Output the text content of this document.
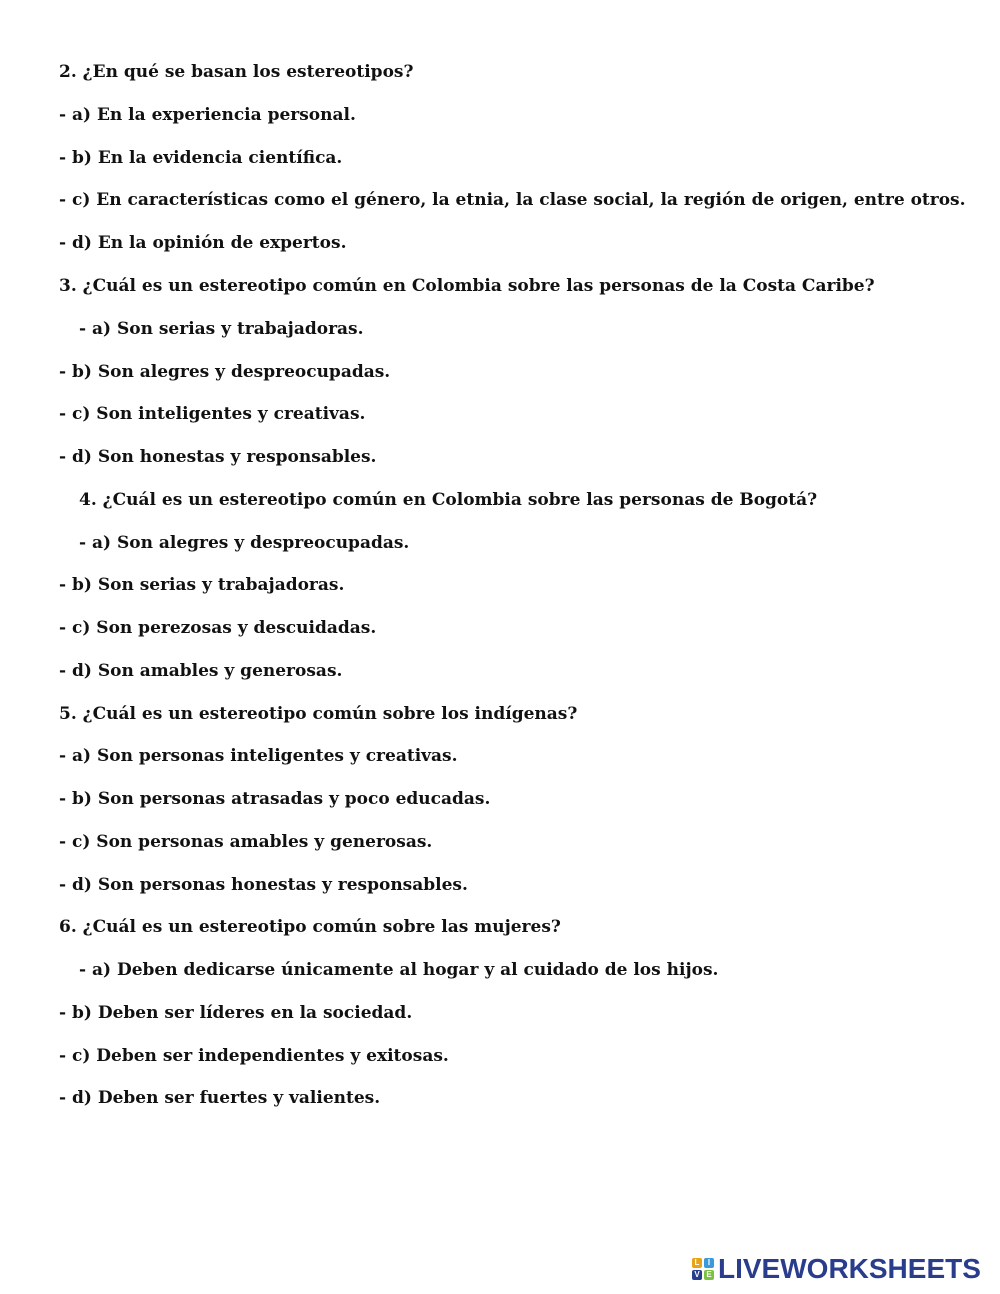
2. ¿En qué se basan los estereotipos?
- a) En la experiencia personal.
- b) En la evidencia científica.
- c) En características como el género, la etnia, la clase social, la región de origen, entre otros.
- d) En la opinión de expertos.
3. ¿Cuál es un estereotipo común en Colombia sobre las personas de la Costa Caribe?
- a) Son serias y trabajadoras.
- b) Son alegres y despreocupadas.
- c) Son inteligentes y creativas.
- d) Son honestas y responsables.
4. ¿Cuál es un estereotipo común en Colombia sobre las personas de Bogotá?
- a) Son alegres y despreocupadas.
- b) Son serias y trabajadoras.
- c) Son perezosas y descuidadas.
- d) Son amables y generosas.
5. ¿Cuál es un estereotipo común sobre los indígenas?
- a) Son personas inteligentes y creativas.
- b) Son personas atrasadas y poco educadas.
- c) Son personas amables y generosas.
- d) Son personas honestas y responsables.
6. ¿Cuál es un estereotipo común sobre las mujeres?
- a) Deben dedicarse únicamente al hogar y al cuidado de los hijos.
- b) Deben ser líderes en la sociedad.
- c) Deben ser independientes y exitosas.
- d) Deben ser fuertes y valientes.
L	I
V E LIVEWORKSHEETS
